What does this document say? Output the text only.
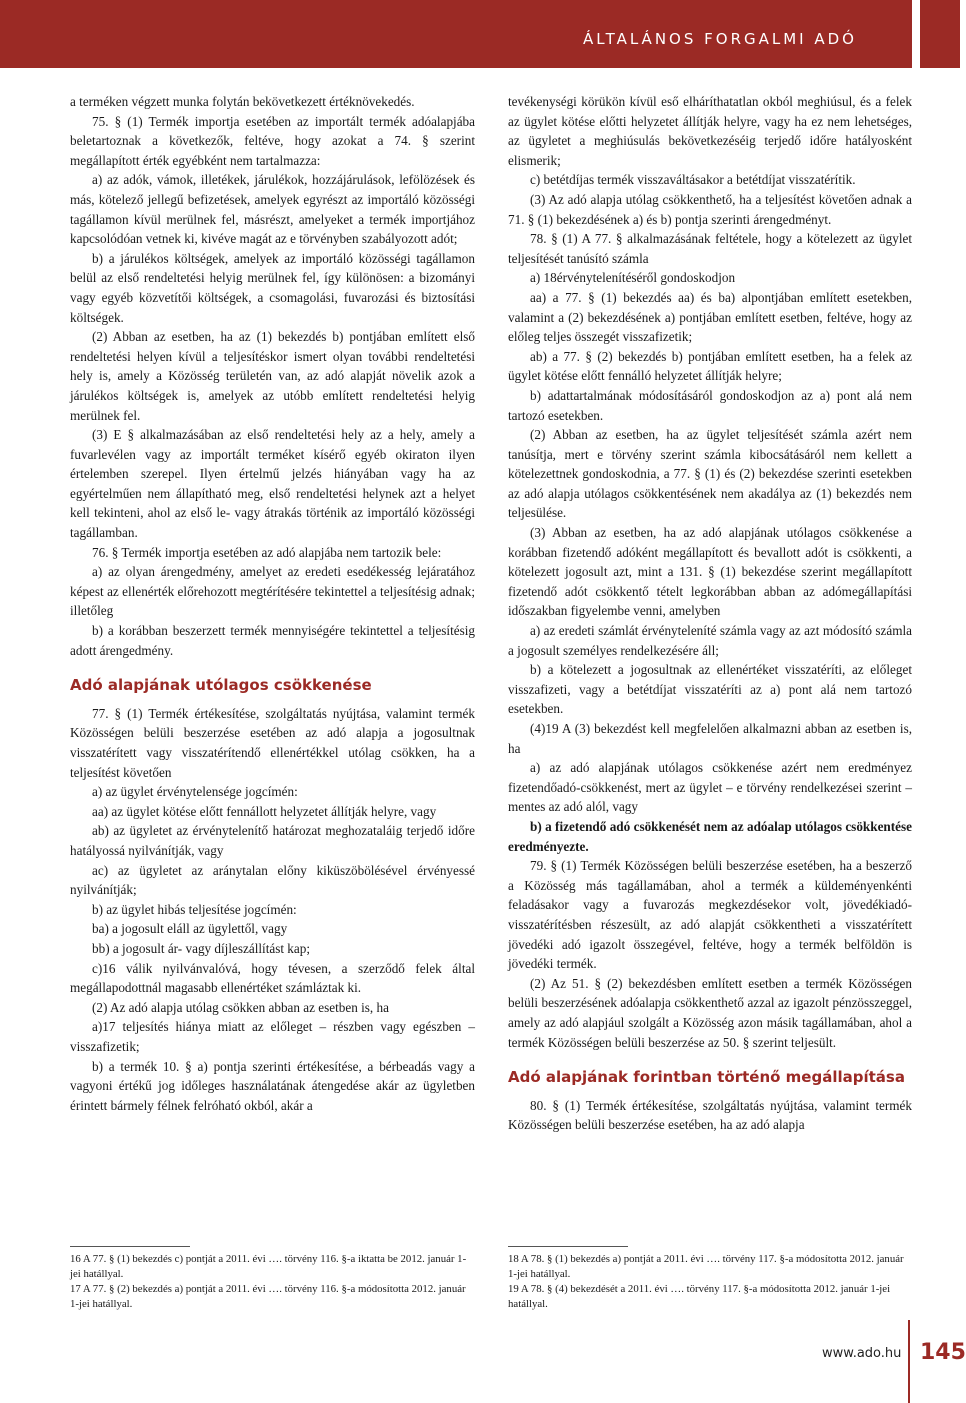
ÁLTALÁNOS FORGALMI ADÓ

a terméken végzett munka folytán bekövetkezett értéknövekedés.

75. § (1) Termék importja esetében az importált termék adóalapjába beletartoznak a következők, feltéve, hogy azokat a 74. § szerint megállapított érték egyébként nem tartalmazza:

a) az adók, vámok, illetékek, járulékok, hozzájárulások, lefölözések és más, kötelező jellegű befizetések, amelyek egyrészt az importáló közösségi tagállamon kívül merülnek fel, másrészt, amelyeket a termék importjához kapcsolódóan vetnek ki, kivéve magát az e törvényben szabályozott adót;

b) a járulékos költségek, amelyek az importáló közösségi tagállamon belül az első rendeltetési helyig merülnek fel, így különösen: a bizományi vagy egyéb közvetítői költségek, a csomagolási, fuvarozási és biztosítási költségek.

(2) Abban az esetben, ha az (1) bekezdés b) pontjában említett első rendeltetési helyen kívül a teljesítéskor ismert olyan további rendeltetési hely is, amely a Közösség területén van, az adó alapját növelik azok a járulékos költségek is, amelyek az utóbb említett rendeltetési helyig merülnek fel.

(3) E § alkalmazásában az első rendeltetési hely az a hely, amely a fuvarlevélen vagy az importált terméket kísérő egyéb okiraton ilyen értelemben szerepel. Ilyen értelmű jelzés hiányában vagy ha az egyértelműen nem állapítható meg, első rendeltetési helynek azt a helyet kell tekinteni, ahol az első le- vagy átrakás történik az importáló közösségi tagállamban.

76. § Termék importja esetében az adó alapjába nem tartozik bele:

a) az olyan árengedmény, amelyet az eredeti esedékesség lejáratához képest az ellenérték előrehozott megtérítésére tekintettel a teljesítésig adnak; illetőleg

b) a korábban beszerzett termék mennyiségére tekintettel a teljesítésig adott árengedmény.

Adó alapjának utólagos csökkenése

77. § (1) Termék értékesítése, szolgáltatás nyújtása, valamint termék Közösségen belüli beszerzése esetében az adó alapja a jogosultnak visszatérített vagy visszatérítendő ellenértékkel utólag csökken, ha a teljesítést követően

a) az ügylet érvénytelensége jogcímén:

aa) az ügylet kötése előtt fennállott helyzetet állítják helyre, vagy

ab) az ügyletet az érvénytelenítő határozat meghozataláig terjedő időre hatályossá nyilvánítják, vagy

ac) az ügyletet az aránytalan előny kiküszöbölésével érvényessé nyilvánítják;

b) az ügylet hibás teljesítése jogcímén:

ba) a jogosult eláll az ügylettől, vagy

bb) a jogosult ár- vagy díjleszállítást kap;

c)16 válik nyilvánvalóvá, hogy tévesen, a szerződő felek által megállapodottnál magasabb ellenértéket számláztak ki.

(2) Az adó alapja utólag csökken abban az esetben is, ha

a)17 teljesítés hiánya miatt az előleget – részben vagy egészben – visszafizetik;

b) a termék 10. § a) pontja szerinti értékesítése, a bérbeadás vagy a vagyoni értékű jog időleges használatának átengedése akár az ügyletben érintett bármely félnek felróható okból, akár a

tevékenységi körükön kívül eső elháríthatatlan okból meghiúsul, és a felek az ügylet kötése előtti helyzetet állítják helyre, vagy ha ez nem lehetséges, az ügyletet a meghiúsulás bekövetkezéséig terjedő időre hatályosként elismerik;

c) betétdíjas termék visszaváltásakor a betétdíjat visszatérítik.

(3) Az adó alapja utólag csökkenthető, ha a teljesítést követően adnak a 71. § (1) bekezdésének a) és b) pontja szerinti árengedményt.

78. § (1) A 77. § alkalmazásának feltétele, hogy a kötelezett az ügylet teljesítését tanúsító számla

a) 18érvénytelenítéséről gondoskodjon

aa) a 77. § (1) bekezdés aa) és ba) alpontjában említett esetekben, valamint a (2) bekezdésének a) pontjában említett esetben, feltéve, hogy az előleg teljes összegét visszafizetik;

ab) a 77. § (2) bekezdés b) pontjában említett esetben, ha a felek az ügylet kötése előtt fennálló helyzetet állítják helyre;

b) adattartalmának módosításáról gondoskodjon az a) pont alá nem tartozó esetekben.

(2) Abban az esetben, ha az ügylet teljesítését számla azért nem tanúsítja, mert e törvény szerint számla kibocsátásáról nem kellett a kötelezettnek gondoskodnia, a 77. § (1) és (2) bekezdése szerinti esetekben az adó alapja utólagos csökkentésének nem akadálya az (1) bekezdés nem teljesülése.

(3) Abban az esetben, ha az adó alapjának utólagos csökkenése a korábban fizetendő adóként megállapított és bevallott adót is csökkenti, a kötelezett jogosult azt, mint a 131. § (1) bekezdése szerint megállapított fizetendő adót csökkentő tételt legkorábban abban az adómegállapítási időszakban figyelembe venni, amelyben

a) az eredeti számlát érvényteleníté számla vagy az azt módosító számla a jogosult személyes rendelkezésére áll;

b) a kötelezett a jogosultnak az ellenértéket visszatéríti, az előleget visszafizeti, vagy a betétdíjat visszatéríti az a) pont alá nem tartozó esetekben.

(4)19 A (3) bekezdést kell megfelelően alkalmazni abban az esetben is, ha

a) az adó alapjának utólagos csökkenése azért nem eredményez fizetendőadó-csökkenést, mert az ügylet – e törvény rendelkezései szerint – mentes az adó alól, vagy

b) a fizetendő adó csökkenését nem az adóalap utólagos csökkentése eredményezte.

79. § (1) Termék Közösségen belüli beszerzése esetében, ha a beszerző a Közösség más tagállamában, ahol a termék a küldeményenkénti feladásakor vagy a fuvarozás megkezdésekor volt, jövedékiadó-visszatérítésben részesült, az adó alapját csökkentheti a visszatérített jövedéki adó igazolt összegével, feltéve, hogy a termék belföldön is jövedéki termék.

(2) Az 51. § (2) bekezdésben említett esetben a termék Közösségen belüli beszerzésének adóalapja csökkenthető azzal az igazolt pénzösszeggel, amely az adó alapjául szolgált a Közösség azon másik tagállamában, ahol a termék Közösségen belüli beszerzése az 50. § szerint teljesült.

Adó alapjának forintban történő megállapítása

80. § (1) Termék értékesítése, szolgáltatás nyújtása, valamint termék Közösségen belüli beszerzése esetében, ha az adó alapja

16 A 77. § (1) bekezdés c) pontját a 2011. évi …. törvény 116. §-a iktatta be 2012. január 1-jei hatállyal.

17 A 77. § (2) bekezdés a) pontját a 2011. évi …. törvény 116. §-a módosította 2012. január 1-jei hatállyal.

18 A 78. § (1) bekezdés a) pontját a 2011. évi …. törvény 117. §-a módosította 2012. január 1-jei hatállyal.

19 A 78. § (4) bekezdését a 2011. évi …. törvény 117. §-a módosította 2012. január 1-jei hatállyal.

www.ado.hu 145
